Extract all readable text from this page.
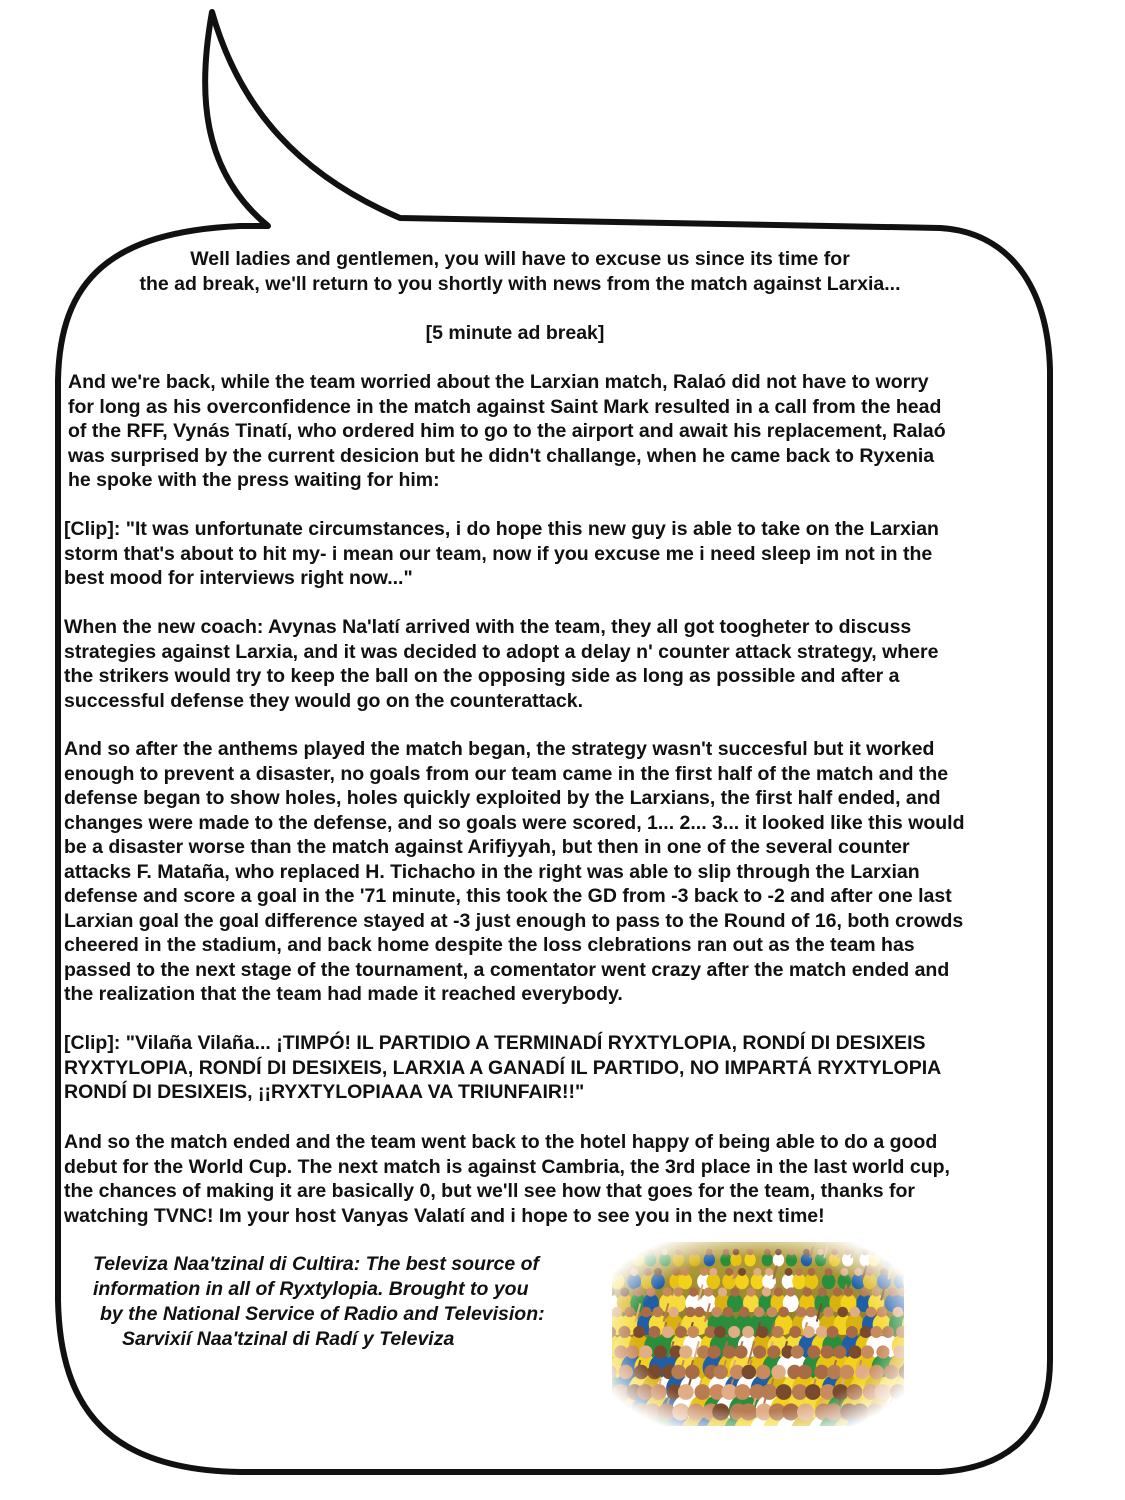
Well ladies and gentlemen, you will have to excuse us since its time for
the ad break, we'll return to you shortly with news from the match against Larxia...

[5 minute ad break]

And we're back, while the team worried about the Larxian match, Ralaó did not have to worry
for long as his overconfidence in the match against Saint Mark resulted in a call from the head
of the RFF, Vynás Tinatí, who ordered him to go to the airport and await his replacement, Ralaó
was surprised by the current desicion but he didn't challange, when he came back to Ryxenia
he spoke with the press waiting for him:

[Clip]: "It was unfortunate circumstances, i do hope this new guy is able to take on the Larxian
storm that's about to hit my- i mean our team, now if you excuse me i need sleep im not in the
best mood for interviews right now..."

When the new coach: Avynas Na'latí arrived with the team, they all got toogheter to discuss
strategies against Larxia, and it was decided to adopt a delay n' counter attack strategy, where
the strikers would try to keep the ball on the opposing side as long as possible and after a
successful defense they would go on the counterattack.

And so after the anthems played the match began, the strategy wasn't succesful but it worked
enough to prevent a disaster, no goals from our team came in the first half of the match and the
defense began to show holes, holes quickly exploited by the Larxians, the first half ended, and
changes were made to the defense, and so goals were scored, 1... 2... 3... it looked like this would
be a disaster worse than the match against Arifiyyah, but then in one of the several counter
attacks F. Mataña, who replaced H. Tichacho in the right was able to slip through the Larxian
defense and score a goal in the '71 minute, this took the GD from -3 back to -2 and after one last
Larxian goal the goal difference stayed at -3 just enough to pass to the Round of 16, both crowds
cheered in the stadium, and back home despite the loss clebrations ran out as the team has
passed to the next stage of the tournament, a comentator went crazy after the match ended and
the realization that the team had made it reached everybody.

[Clip]: "Vilaña Vilaña... ¡TIMPÓ! IL PARTIDIO A TERMINADÍ RYXTYLOPIA, RONDÍ DI DESIXEIS
RYXTYLOPIA, RONDÍ DI DESIXEIS, LARXIA A GANADÍ IL PARTIDO, NO IMPARTÁ RYXTYLOPIA
RONDÍ DI DESIXEIS, ¡¡RYXTYLOPIAAA VA TRIUNFAIR!!"

And so the match ended and the team went back to the hotel happy of being able to do a good
debut for the World Cup. The next match is against Cambria, the 3rd place in the last world cup,
the chances of making it are basically 0, but we'll see how that goes for the team, thanks for
watching TVNC! Im your host Vanyas Valatí and i hope to see you in the next time!

Televiza Naa'tzinal di Cultira: The best source of

information in all of Ryxtylopia. Brought to you

by the National Service of Radio and Television:

Sarvixií Naa'tzinal di Radí y Televiza
